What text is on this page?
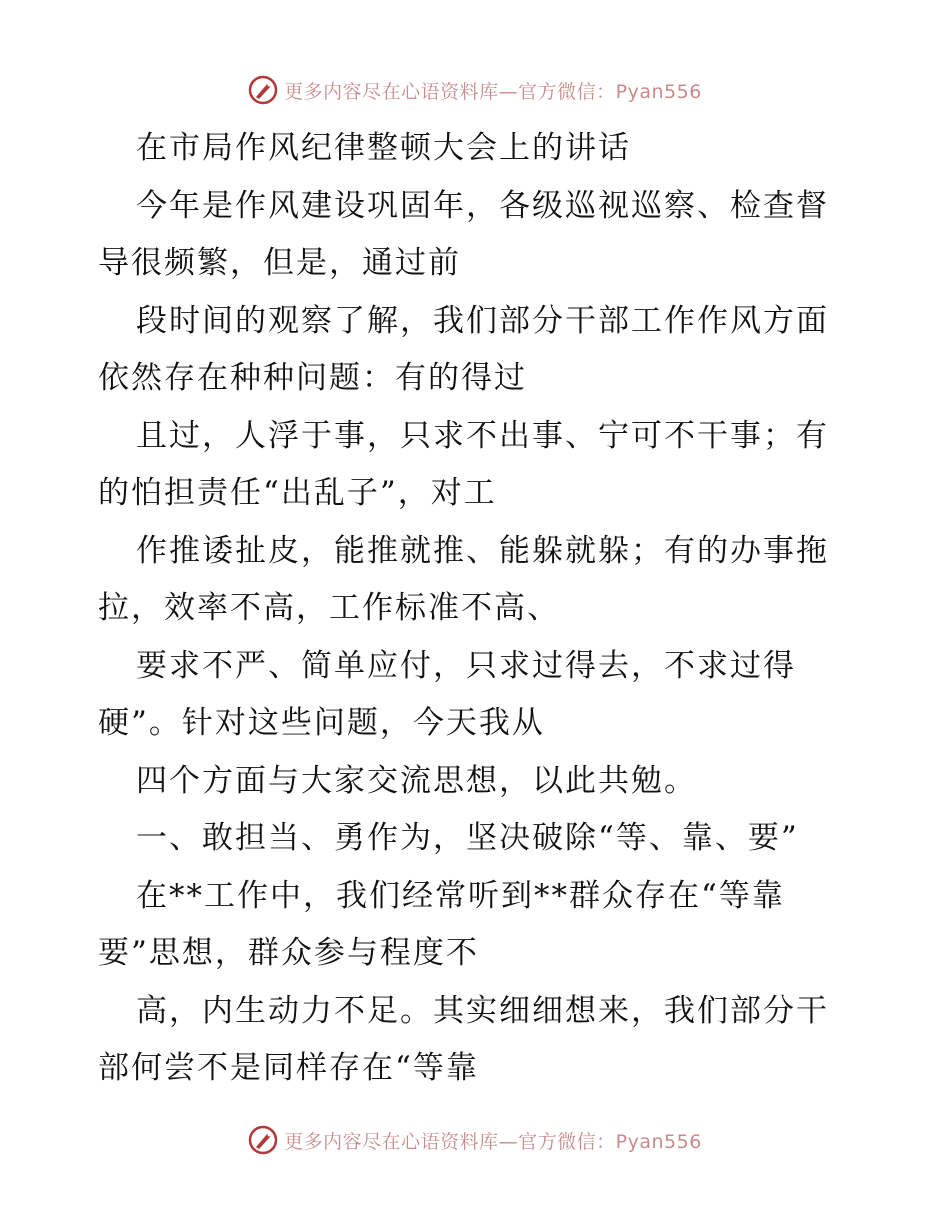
更多内容尽在心语资料库—官方微信：Pyan556
在市局作风纪律整顿大会上的讲话
今年是作风建设巩固年，各级巡视巡察、检查督
导很频繁，但是，通过前
段时间的观察了解，我们部分干部工作作风方面
依然存在种种问题：有的得过
且过，人浮于事，只求不出事、宁可不干事；有
的怕担责任“出乱子”，对工
作推诿扯皮，能推就推、能躲就躲；有的办事拖
拉，效率不高，工作标准不高、
要求不严、简单应付，只求过得去，不求过得
硬”。针对这些问题，今天我从
四个方面与大家交流思想，以此共勉。
一、敢担当、勇作为，坚决破除“等、靠、要”
在**工作中，我们经常听到**群众存在“等靠
要”思想，群众参与程度不
高，内生动力不足。其实细细想来，我们部分干
部何尝不是同样存在“等靠
更多内容尽在心语资料库—官方微信：Pyan556
